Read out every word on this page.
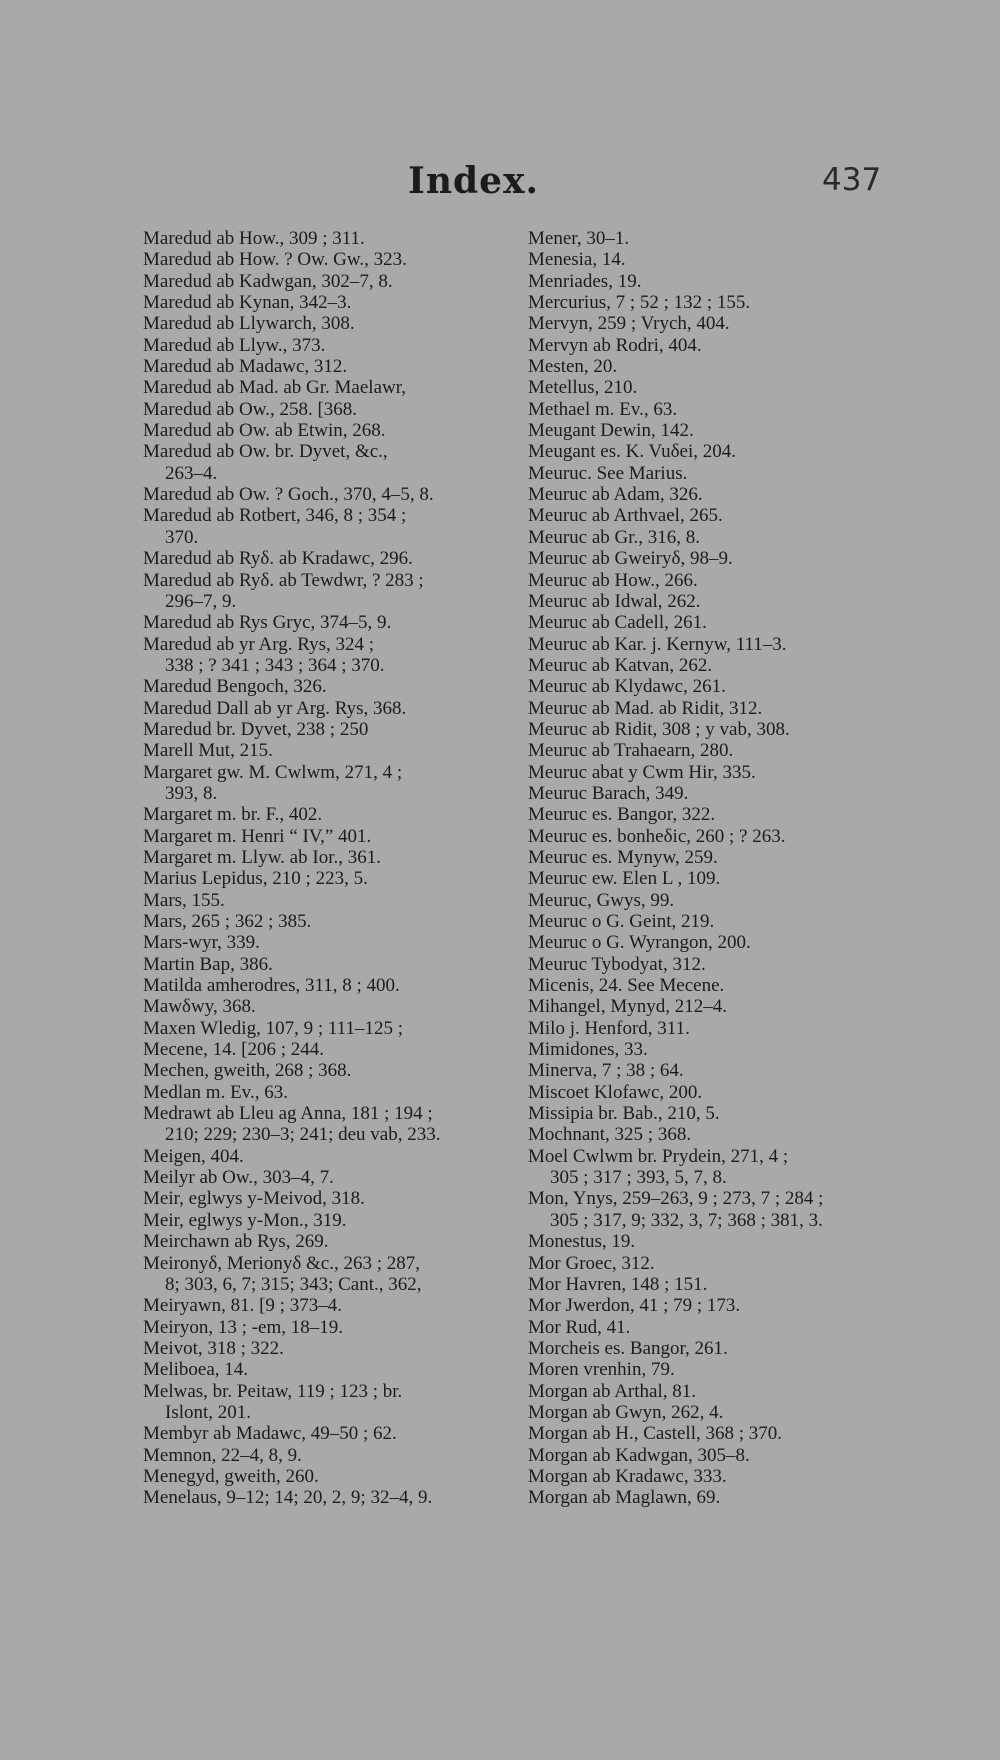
Index.	437
Maredud ab How., 309 ; 311.
Maredud ab How. ? Ow. Gw., 323.
Maredud ab Kadwgan, 302–7, 8.
Maredud ab Kynan, 342–3.
Maredud ab Llywarch, 308.
Maredud ab Llyw., 373.
Maredud ab Madawc, 312.
Maredud ab Mad. ab Gr. Maelawr,
Maredud ab Ow., 258. [368.
Maredud ab Ow. ab Etwin, 268.
Maredud ab Ow. br. Dyvet, &c.,
263–4.
Maredud ab Ow. ? Goch., 370, 4–5, 8.
Maredud ab Rotbert, 346, 8 ; 354 ;
370.
Maredud ab Ryδ. ab Kradawc, 296.
Maredud ab Ryδ. ab Tewdwr, ? 283 ;
296–7, 9.
Maredud ab Rys Gryc, 374–5, 9.
Maredud ab yr Arg. Rys, 324 ;
338 ; ? 341 ; 343 ; 364 ; 370.
Maredud Bengoch, 326.
Maredud Dall ab yr Arg. Rys, 368.
Maredud br. Dyvet, 238 ; 250
Marell Mut, 215.
Margaret gw. M. Cwlwm, 271, 4 ;
393, 8.
Margaret m. br. F., 402.
Margaret m. Henri “ IV,” 401.
Margaret m. Llyw. ab Ior., 361.
Marius Lepidus, 210 ; 223, 5.
Mars, 155.
Mars, 265 ; 362 ; 385.
Mars-wyr, 339.
Martin Bap, 386.
Matilda amherodres, 311, 8 ; 400.
Mawδwy, 368.
Maxen Wledig, 107, 9 ; 111–125 ;
Mecene, 14. [206 ; 244.
Mechen, gweith, 268 ; 368.
Medlan m. Ev., 63.
Medrawt ab Lleu ag Anna, 181 ; 194 ;
210; 229; 230–3; 241; deu vab, 233.
Meigen, 404.
Meilyr ab Ow., 303–4, 7.
Meir, eglwys y-Meivod, 318.
Meir, eglwys y-Mon., 319.
Meirchawn ab Rys, 269.
Meironyδ, Merionyδ &c., 263 ; 287,
8; 303, 6, 7; 315; 343; Cant., 362,
Meiryawn, 81. [9 ; 373–4.
Meiryon, 13 ; -em, 18–19.
Meivot, 318 ; 322.
Meliboea, 14.
Melwas, br. Peitaw, 119 ; 123 ; br.
Islont, 201.
Membyr ab Madawc, 49–50 ; 62.
Memnon, 22–4, 8, 9.
Menegyd, gweith, 260.
Menelaus, 9–12; 14; 20, 2, 9; 32–4, 9.
Mener, 30–1.
Menesia, 14.
Menriades, 19.
Mercurius, 7 ; 52 ; 132 ; 155.
Mervyn, 259 ; Vrych, 404.
Mervyn ab Rodri, 404.
Mesten, 20.
Metellus, 210.
Methael m. Ev., 63.
Meugant Dewin, 142.
Meugant es. K. Vuδei, 204.
Meuruc. See Marius.
Meuruc ab Adam, 326.
Meuruc ab Arthvael, 265.
Meuruc ab Gr., 316, 8.
Meuruc ab Gweiryδ, 98–9.
Meuruc ab How., 266.
Meuruc ab Idwal, 262.
Meuruc ab Cadell, 261.
Meuruc ab Kar. j. Kernyw, 111–3.
Meuruc ab Katvan, 262.
Meuruc ab Klydawc, 261.
Meuruc ab Mad. ab Ridit, 312.
Meuruc ab Ridit, 308 ; y vab, 308.
Meuruc ab Trahaearn, 280.
Meuruc abat y Cwm Hir, 335.
Meuruc Barach, 349.
Meuruc es. Bangor, 322.
Meuruc es. bonheδic, 260 ; ? 263.
Meuruc es. Mynyw, 259.
Meuruc ew. Elen L , 109.
Meuruc, Gwys, 99.
Meuruc o G. Geint, 219.
Meuruc o G. Wyrangon, 200.
Meuruc Tybodyat, 312.
Micenis, 24. See Mecene.
Mihangel, Mynyd, 212–4.
Milo j. Henford, 311.
Mimidones, 33.
Minerva, 7 ; 38 ; 64.
Miscoet Klofawc, 200.
Missipia br. Bab., 210, 5.
Mochnant, 325 ; 368.
Moel Cwlwm br. Prydein, 271, 4 ;
305 ; 317 ; 393, 5, 7, 8.
Mon, Ynys, 259–263, 9 ; 273, 7 ; 284 ;
305 ; 317, 9; 332, 3, 7; 368 ; 381, 3.
Monestus, 19.
Mor Groec, 312.
Mor Havren, 148 ; 151.
Mor Jwerdon, 41 ; 79 ; 173.
Mor Rud, 41.
Morcheis es. Bangor, 261.
Moren vrenhin, 79.
Morgan ab Arthal, 81.
Morgan ab Gwyn, 262, 4.
Morgan ab H., Castell, 368 ; 370.
Morgan ab Kadwgan, 305–8.
Morgan ab Kradawc, 333.
Morgan ab Maglawn, 69.
